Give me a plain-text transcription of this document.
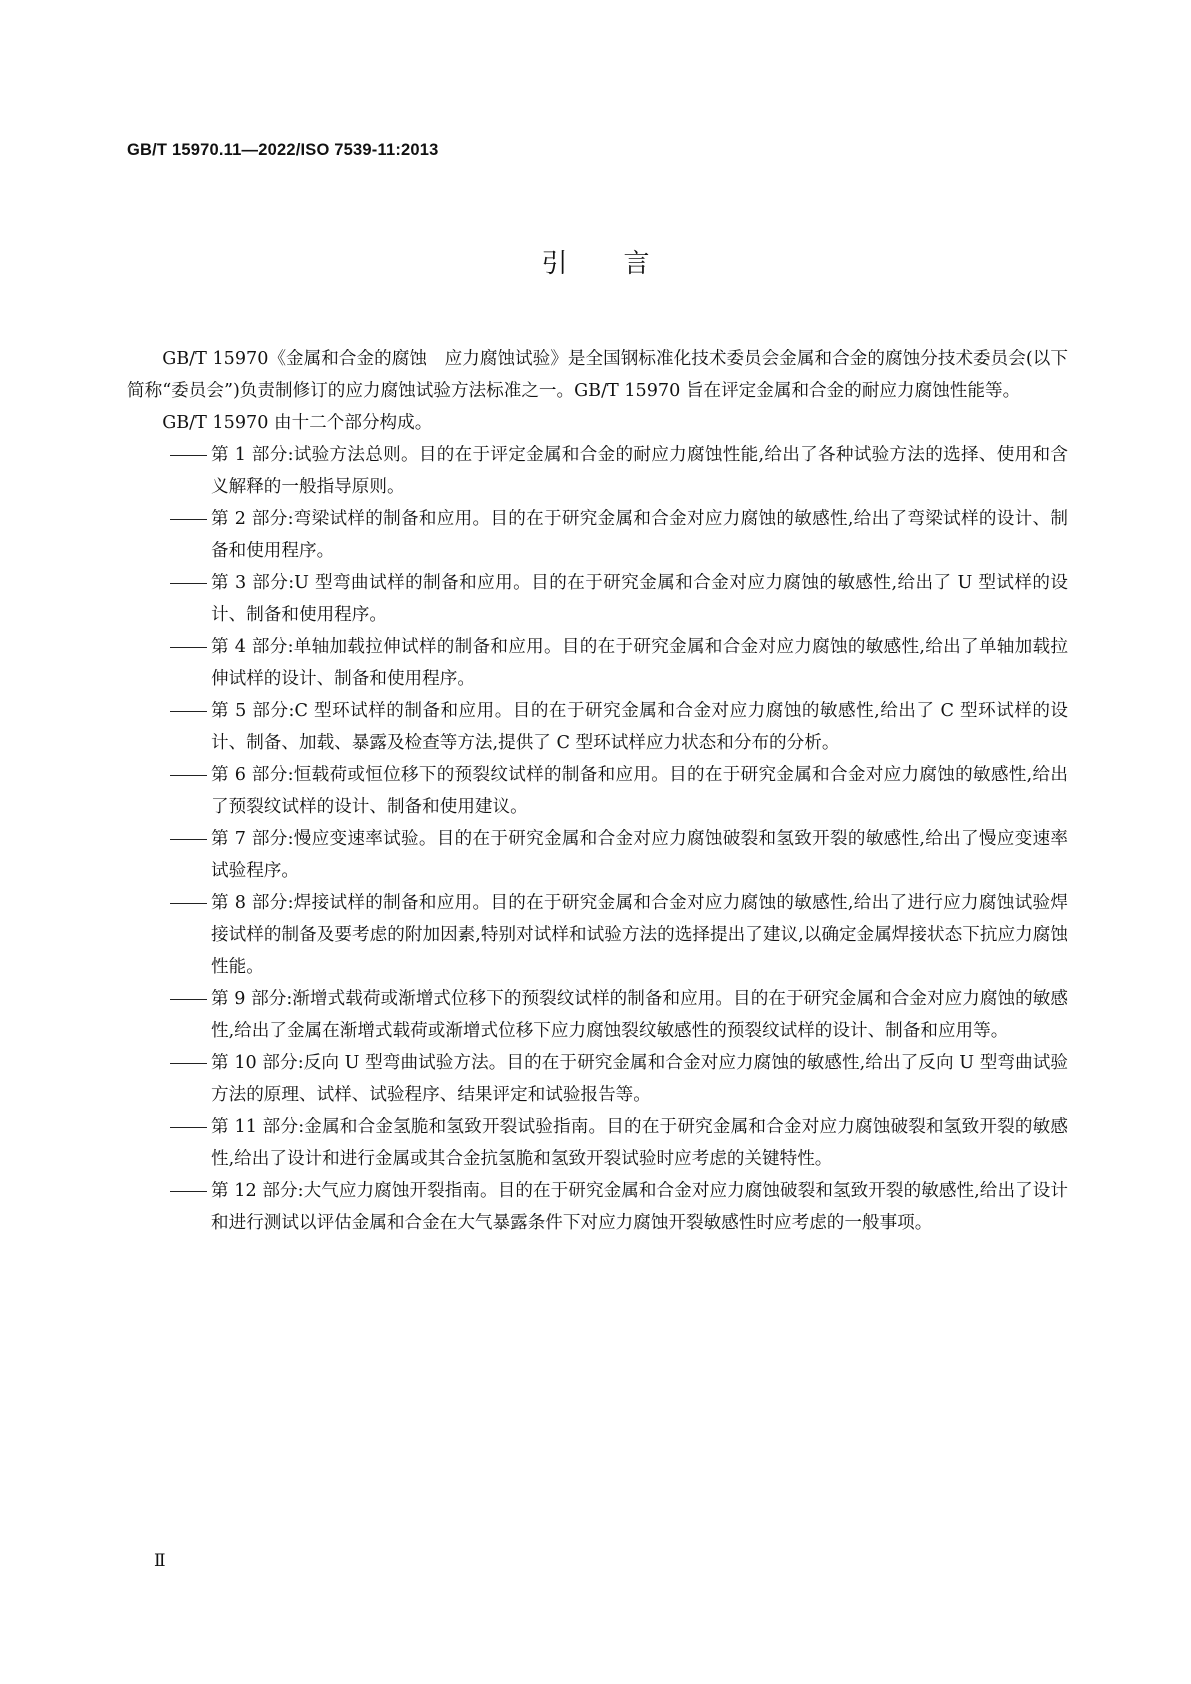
GB/T 15970.11—2022/ISO 7539-11:2013
引言

GB/T 15970《金属和合金的腐蚀　应力腐蚀试验》是全国钢标准化技术委员会金属和合金的腐蚀分技术委员会(以下简称“委员会”)负责制修订的应力腐蚀试验方法标准之一。GB/T 15970 旨在评定金属和合金的耐应力腐蚀性能等。

GB/T 15970 由十二个部分构成。

第 1 部分:试验方法总则。目的在于评定金属和合金的耐应力腐蚀性能,给出了各种试验方法的选择、使用和含义解释的一般指导原则。
第 2 部分:弯梁试样的制备和应用。目的在于研究金属和合金对应力腐蚀的敏感性,给出了弯梁试样的设计、制备和使用程序。
第 3 部分:U 型弯曲试样的制备和应用。目的在于研究金属和合金对应力腐蚀的敏感性,给出了 U 型试样的设计、制备和使用程序。
第 4 部分:单轴加载拉伸试样的制备和应用。目的在于研究金属和合金对应力腐蚀的敏感性,给出了单轴加载拉伸试样的设计、制备和使用程序。
第 5 部分:C 型环试样的制备和应用。目的在于研究金属和合金对应力腐蚀的敏感性,给出了 C 型环试样的设计、制备、加载、暴露及检查等方法,提供了 C 型环试样应力状态和分布的分析。
第 6 部分:恒载荷或恒位移下的预裂纹试样的制备和应用。目的在于研究金属和合金对应力腐蚀的敏感性,给出了预裂纹试样的设计、制备和使用建议。
第 7 部分:慢应变速率试验。目的在于研究金属和合金对应力腐蚀破裂和氢致开裂的敏感性,给出了慢应变速率试验程序。
第 8 部分:焊接试样的制备和应用。目的在于研究金属和合金对应力腐蚀的敏感性,给出了进行应力腐蚀试验焊接试样的制备及要考虑的附加因素,特别对试样和试验方法的选择提出了建议,以确定金属焊接状态下抗应力腐蚀性能。
第 9 部分:渐增式载荷或渐增式位移下的预裂纹试样的制备和应用。目的在于研究金属和合金对应力腐蚀的敏感性,给出了金属在渐增式载荷或渐增式位移下应力腐蚀裂纹敏感性的预裂纹试样的设计、制备和应用等。
第 10 部分:反向 U 型弯曲试验方法。目的在于研究金属和合金对应力腐蚀的敏感性,给出了反向 U 型弯曲试验方法的原理、试样、试验程序、结果评定和试验报告等。
第 11 部分:金属和合金氢脆和氢致开裂试验指南。目的在于研究金属和合金对应力腐蚀破裂和氢致开裂的敏感性,给出了设计和进行金属或其合金抗氢脆和氢致开裂试验时应考虑的关键特性。
第 12 部分:大气应力腐蚀开裂指南。目的在于研究金属和合金对应力腐蚀破裂和氢致开裂的敏感性,给出了设计和进行测试以评估金属和合金在大气暴露条件下对应力腐蚀开裂敏感性时应考虑的一般事项。
Ⅱ
